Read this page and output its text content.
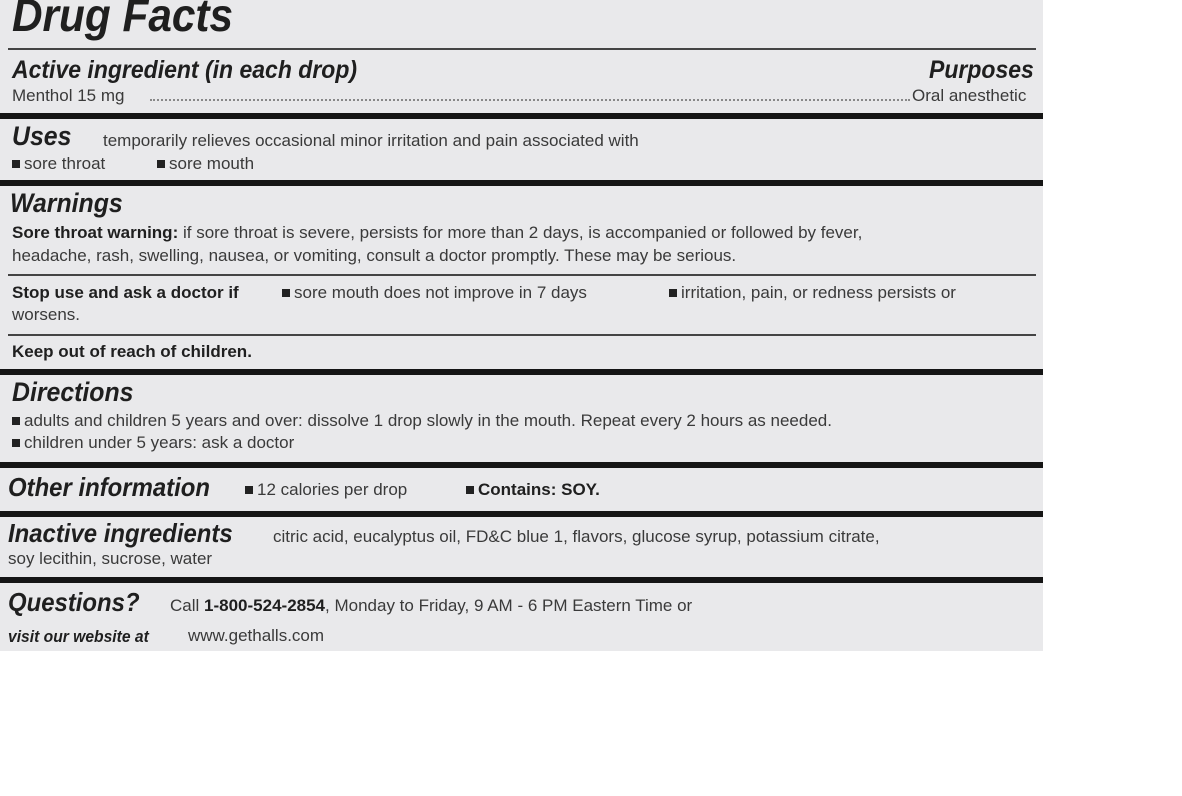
Drug Facts
Active ingredient (in each drop)	Purposes
Menthol 15 mg	Oral anesthetic
Uses temporarily relieves occasional minor irritation and pain associated with
sore throat	sore mouth
Warnings
Sore throat warning: if sore throat is severe, persists for more than 2 days, is accompanied or followed by fever,
headache, rash, swelling, nausea, or vomiting, consult a doctor promptly. These may be serious.
Stop use and ask a doctor if	sore mouth does not improve in 7 days	irritation, pain, or redness persists or
worsens.
Keep out of reach of children.
Directions
adults and children 5 years and over: dissolve 1 drop slowly in the mouth. Repeat every 2 hours as needed.
children under 5 years: ask a doctor
Other information	12 calories per drop	Contains: SOY.
Inactive ingredients citric acid, eucalyptus oil, FD&C blue 1, flavors, glucose syrup, potassium citrate,
soy lecithin, sucrose, water
Questions? Call 1-800-524-2854, Monday to Friday, 9 AM - 6 PM Eastern Time or
visit our website at www.gethalls.com
